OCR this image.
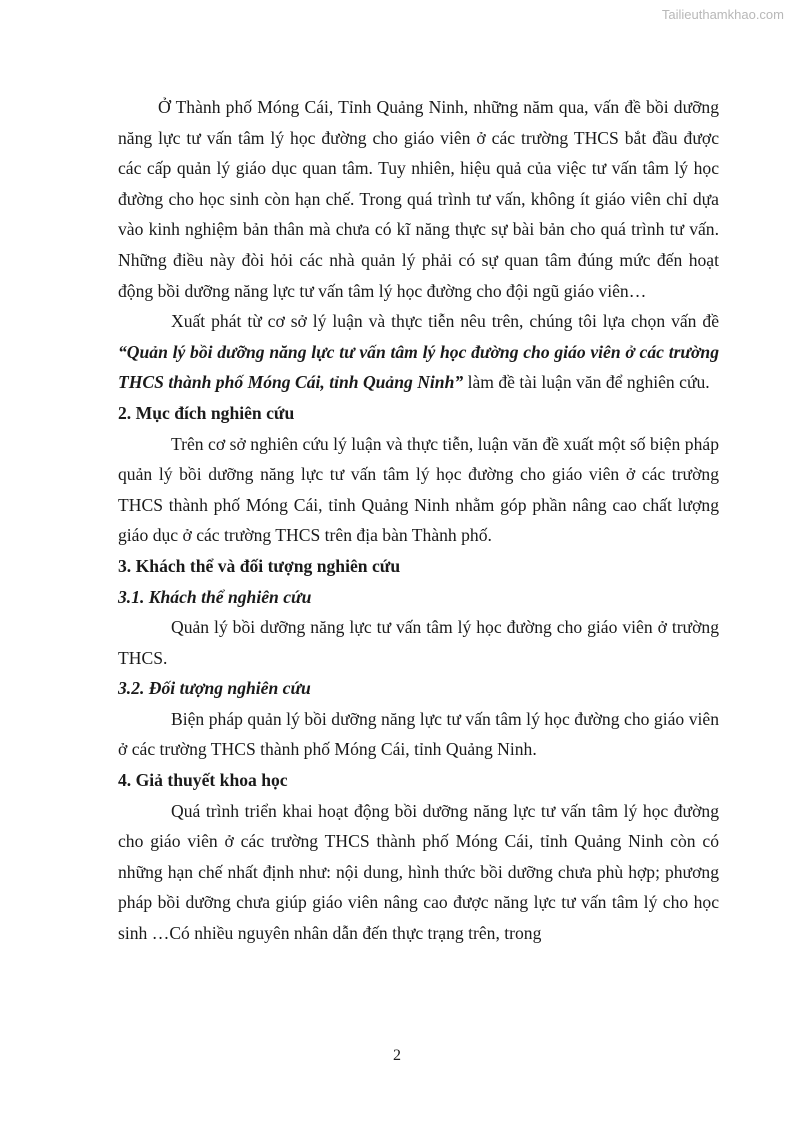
Tailieuthamkhao.com

Ở Thành phố Móng Cái, Tỉnh Quảng Ninh, những năm qua, vấn đề bồi dưỡng năng lực tư vấn tâm lý học đường cho giáo viên ở các trường THCS bắt đầu được các cấp quản lý giáo dục quan tâm. Tuy nhiên, hiệu quả của việc tư vấn tâm lý học đường cho học sinh còn hạn chế. Trong quá trình tư vấn, không ít giáo viên chỉ dựa vào kinh nghiệm bản thân mà chưa có kĩ năng thực sự bài bản cho quá trình tư vấn. Những điều này đòi hỏi các nhà quản lý phải có sự quan tâm đúng mức đến hoạt động bồi dưỡng năng lực tư vấn tâm lý học đường cho đội ngũ giáo viên…

Xuất phát từ cơ sở lý luận và thực tiễn nêu trên, chúng tôi lựa chọn vấn đề “Quản lý bồi dưỡng năng lực tư vấn tâm lý học đường cho giáo viên ở các trường THCS thành phố Móng Cái, tỉnh Quảng Ninh” làm đề tài luận văn để nghiên cứu.

2. Mục đích nghiên cứu

Trên cơ sở nghiên cứu lý luận và thực tiễn, luận văn đề xuất một số biện pháp quản lý bồi dưỡng năng lực tư vấn tâm lý học đường cho giáo viên ở các trường THCS thành phố Móng Cái, tỉnh Quảng Ninh nhằm góp phần nâng cao chất lượng giáo dục ở các trường THCS trên địa bàn Thành phố.

3. Khách thể và đối tượng nghiên cứu

3.1. Khách thể nghiên cứu

Quản lý bồi dưỡng năng lực tư vấn tâm lý học đường cho giáo viên ở trường THCS.

3.2. Đối tượng nghiên cứu

Biện pháp quản lý bồi dưỡng năng lực tư vấn tâm lý học đường cho giáo viên ở các trường THCS thành phố Móng Cái, tỉnh Quảng Ninh.

4. Giả thuyết khoa học

Quá trình triển khai hoạt động bồi dưỡng năng lực tư vấn tâm lý học đường cho giáo viên ở các trường THCS thành phố Móng Cái, tỉnh Quảng Ninh còn có những hạn chế nhất định như: nội dung, hình thức bồi dưỡng chưa phù hợp; phương pháp bồi dưỡng chưa giúp giáo viên nâng cao được năng lực tư vấn tâm lý cho học sinh …Có nhiều nguyên nhân dẫn đến thực trạng trên, trong

2
